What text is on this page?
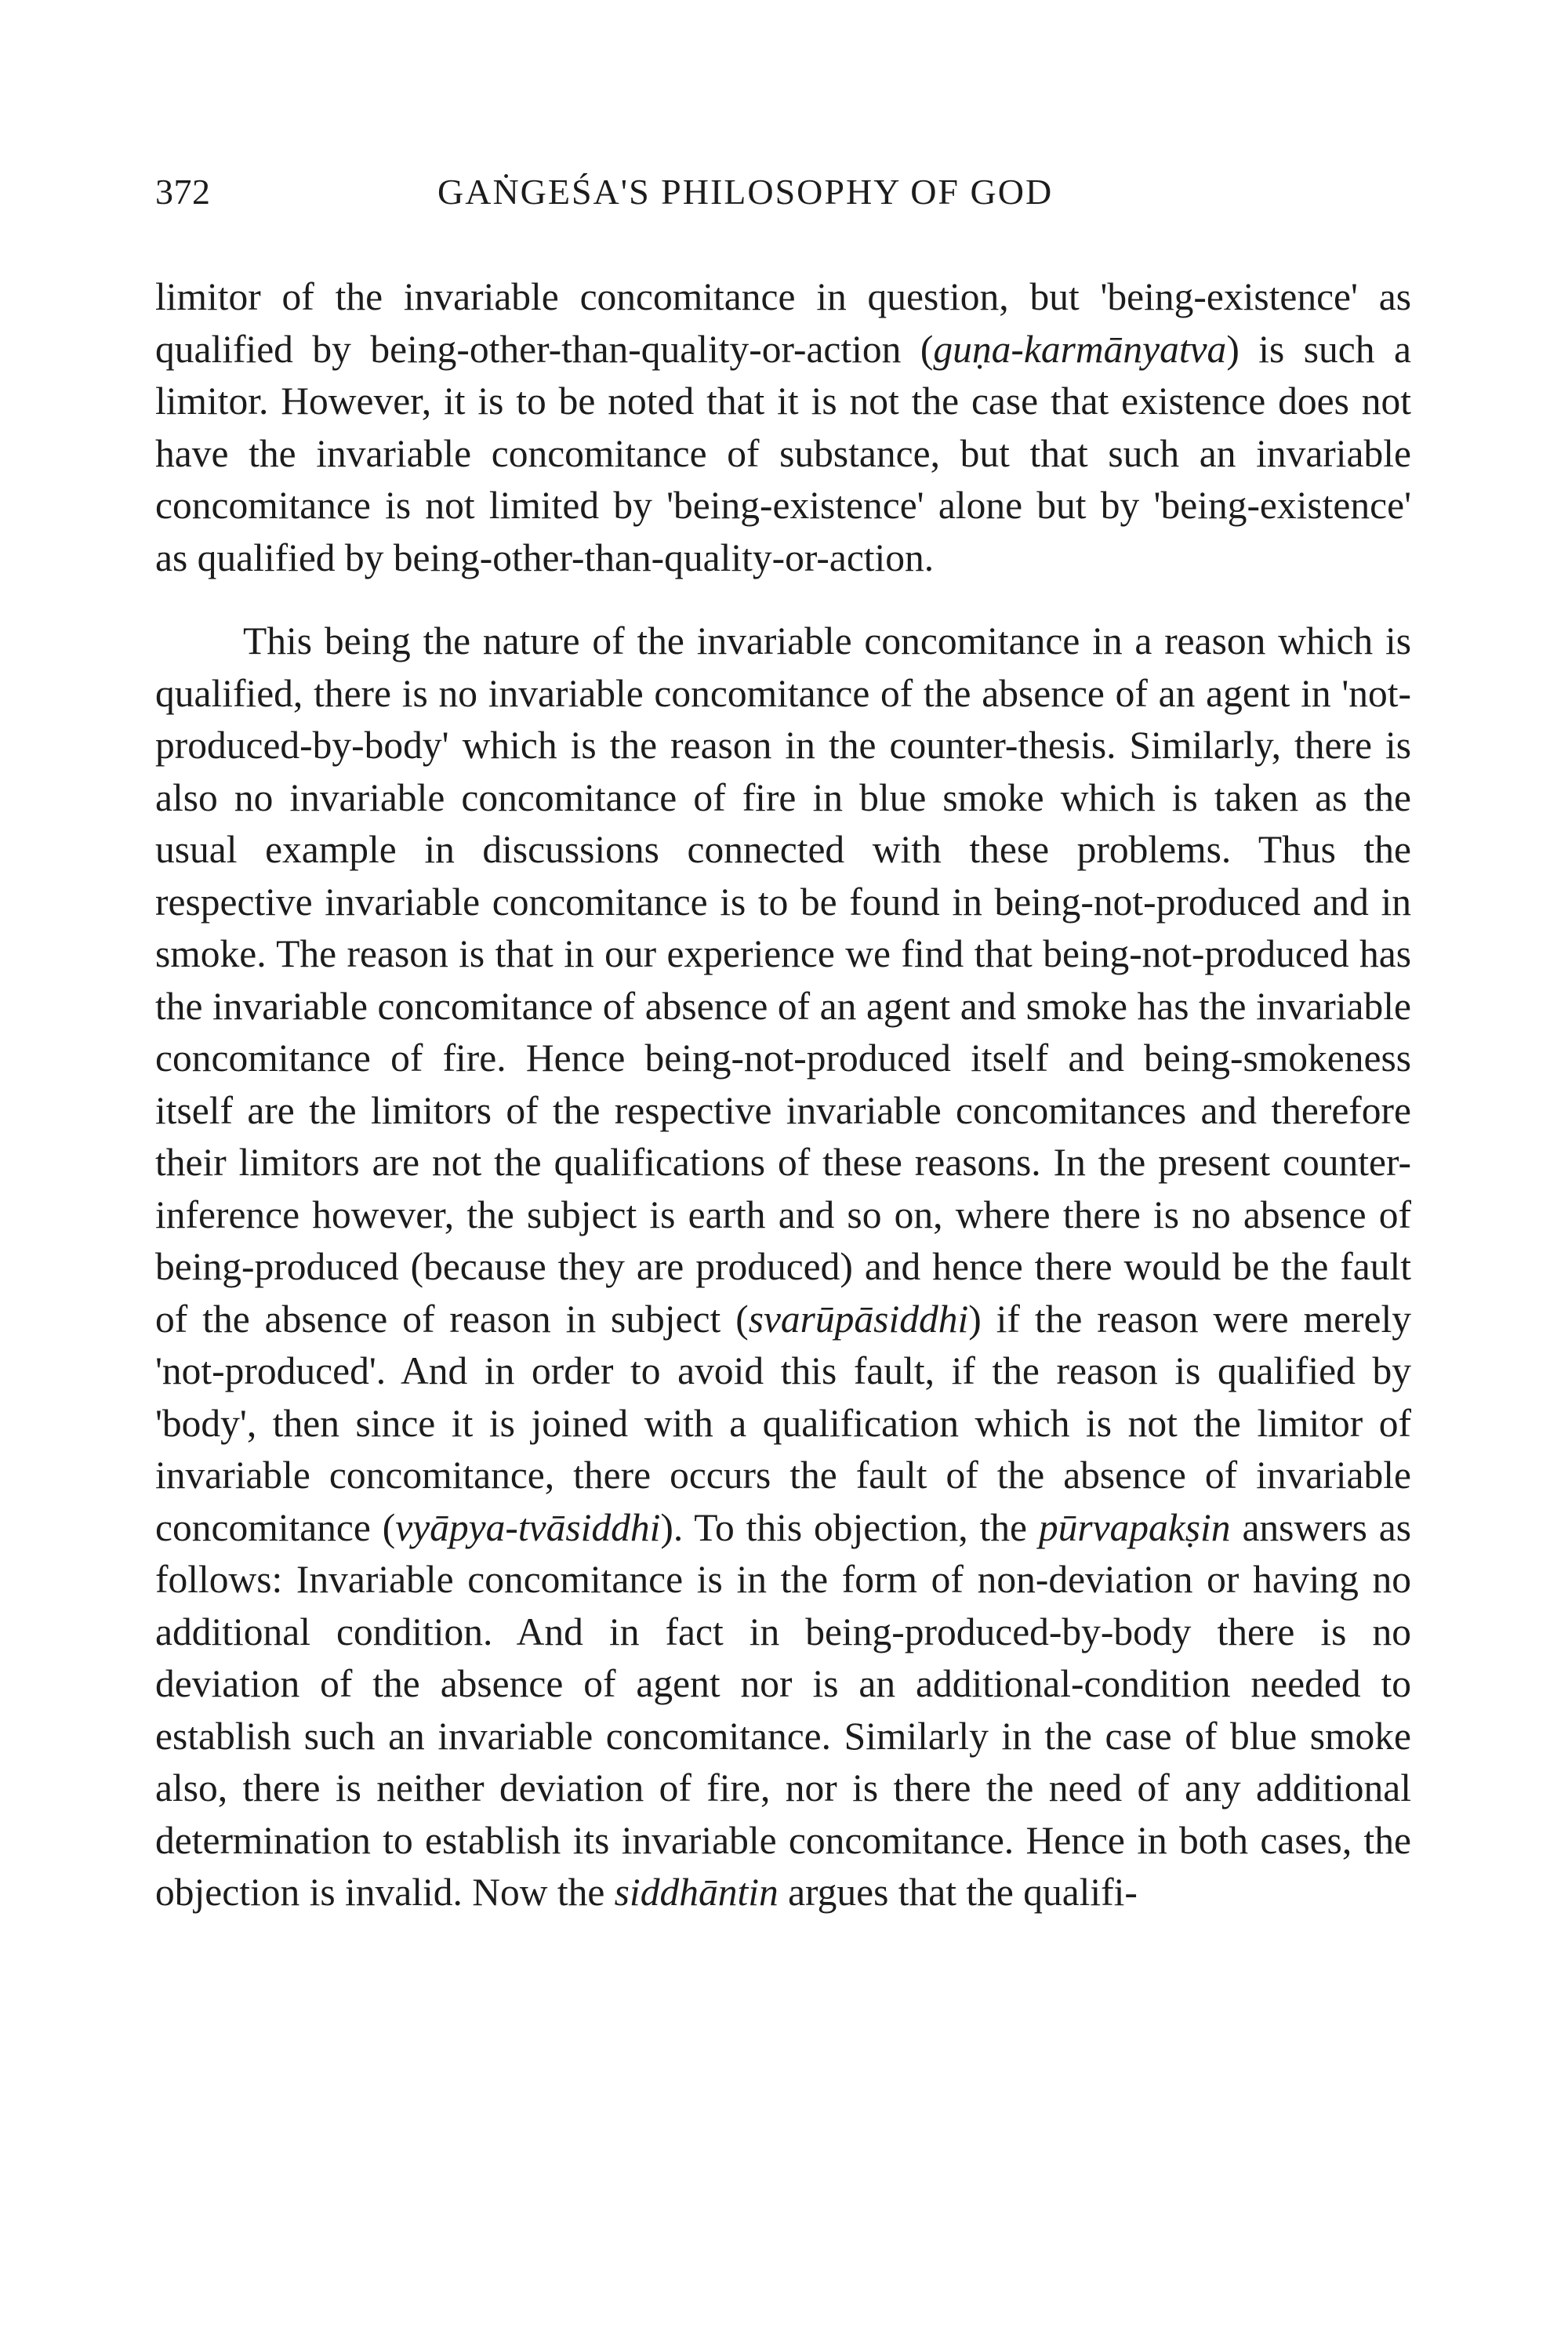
372	GAṄGEŚA'S PHILOSOPHY OF GOD

limitor of the invariable concomitance in question, but 'being-existence' as qualified by being-other-than-quality-or-action (guṇa-karmānyatva) is such a limitor. However, it is to be noted that it is not the case that existence does not have the invariable concomitance of substance, but that such an invariable concomitance is not limited by 'being-existence' alone but by 'being-existence' as qualified by being-other-than-quality-or-action.

This being the nature of the invariable concomitance in a reason which is qualified, there is no invariable concomitance of the absence of an agent in 'not-produced-by-body' which is the reason in the counter-thesis. Similarly, there is also no invariable concomitance of fire in blue smoke which is taken as the usual example in discussions connected with these problems. Thus the respective invariable concomitance is to be found in being-not-produced and in smoke. The reason is that in our experience we find that being-not-produced has the invariable concomitance of absence of an agent and smoke has the invariable concomitance of fire. Hence being-not-produced itself and being-smokeness itself are the limitors of the respective invariable concomitances and therefore their limitors are not the qualifications of these reasons. In the present counter-inference however, the subject is earth and so on, where there is no absence of being-produced (because they are produced) and hence there would be the fault of the absence of reason in subject (svarūpāsiddhi) if the reason were merely 'not-produced'. And in order to avoid this fault, if the reason is qualified by 'body', then since it is joined with a qualification which is not the limitor of invariable concomitance, there occurs the fault of the absence of invariable concomitance (vyāpya-tvāsiddhi). To this objection, the pūrvapakṣin answers as follows: Invariable concomitance is in the form of non-deviation or having no additional condition. And in fact in being-produced-by-body there is no deviation of the absence of agent nor is an additional-condition needed to establish such an invariable concomitance. Similarly in the case of blue smoke also, there is neither deviation of fire, nor is there the need of any additional determination to establish its invariable concomitance. Hence in both cases, the objection is invalid. Now the siddhāntin argues that the qualifi-
